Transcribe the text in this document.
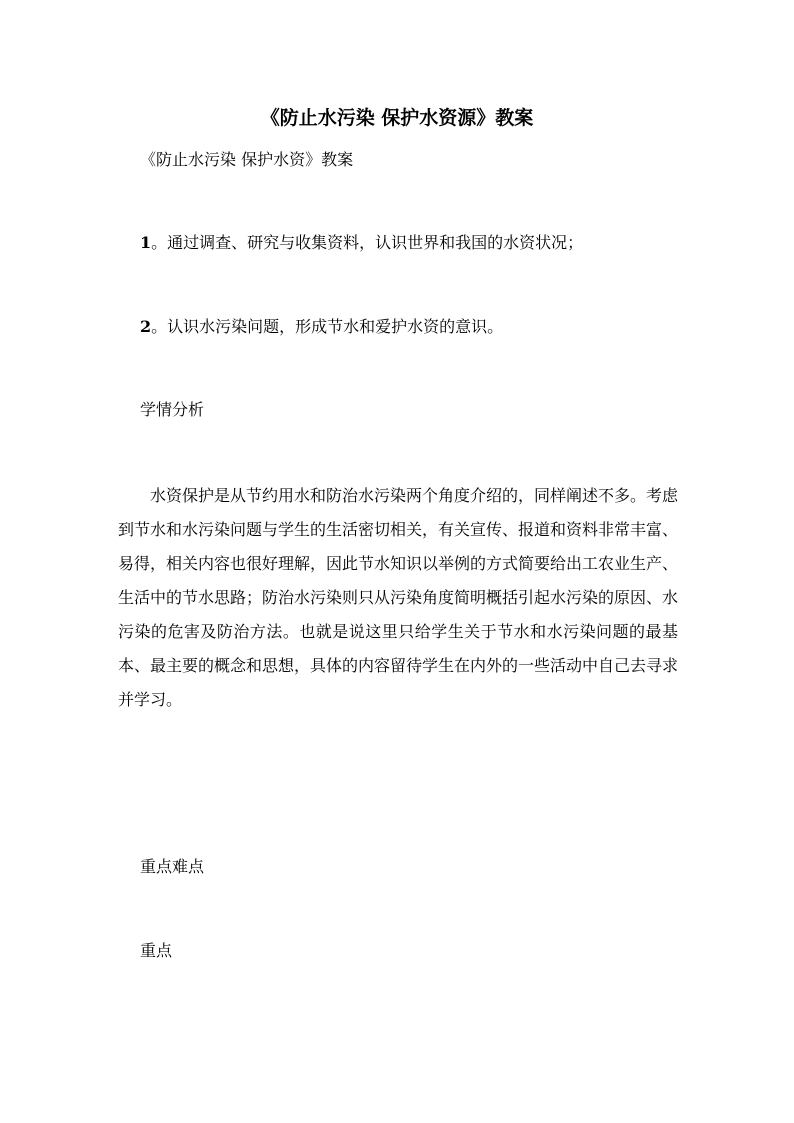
《防止水污染 保护水资源》教案
《防止水污染 保护水资》教案
1。通过调查、研究与收集资料，认识世界和我国的水资状况；
2。认识水污染问题，形成节水和爱护水资的意识。
学情分析

水资保护是从节约用水和防治水污染两个角度介绍的，同样阐述不多。考虑到节水和水污染问题与学生的生活密切相关，有关宣传、报道和资料非常丰富、易得，相关内容也很好理解，因此节水知识以举例的方式简要给出工农业生产、生活中的节水思路；防治水污染则只从污染角度简明概括引起水污染的原因、水污染的危害及防治方法。也就是说这里只给学生关于节水和水污染问题的最基本、最主要的概念和思想，具体的内容留待学生在内外的一些活动中自己去寻求并学习。

重点难点
重点
